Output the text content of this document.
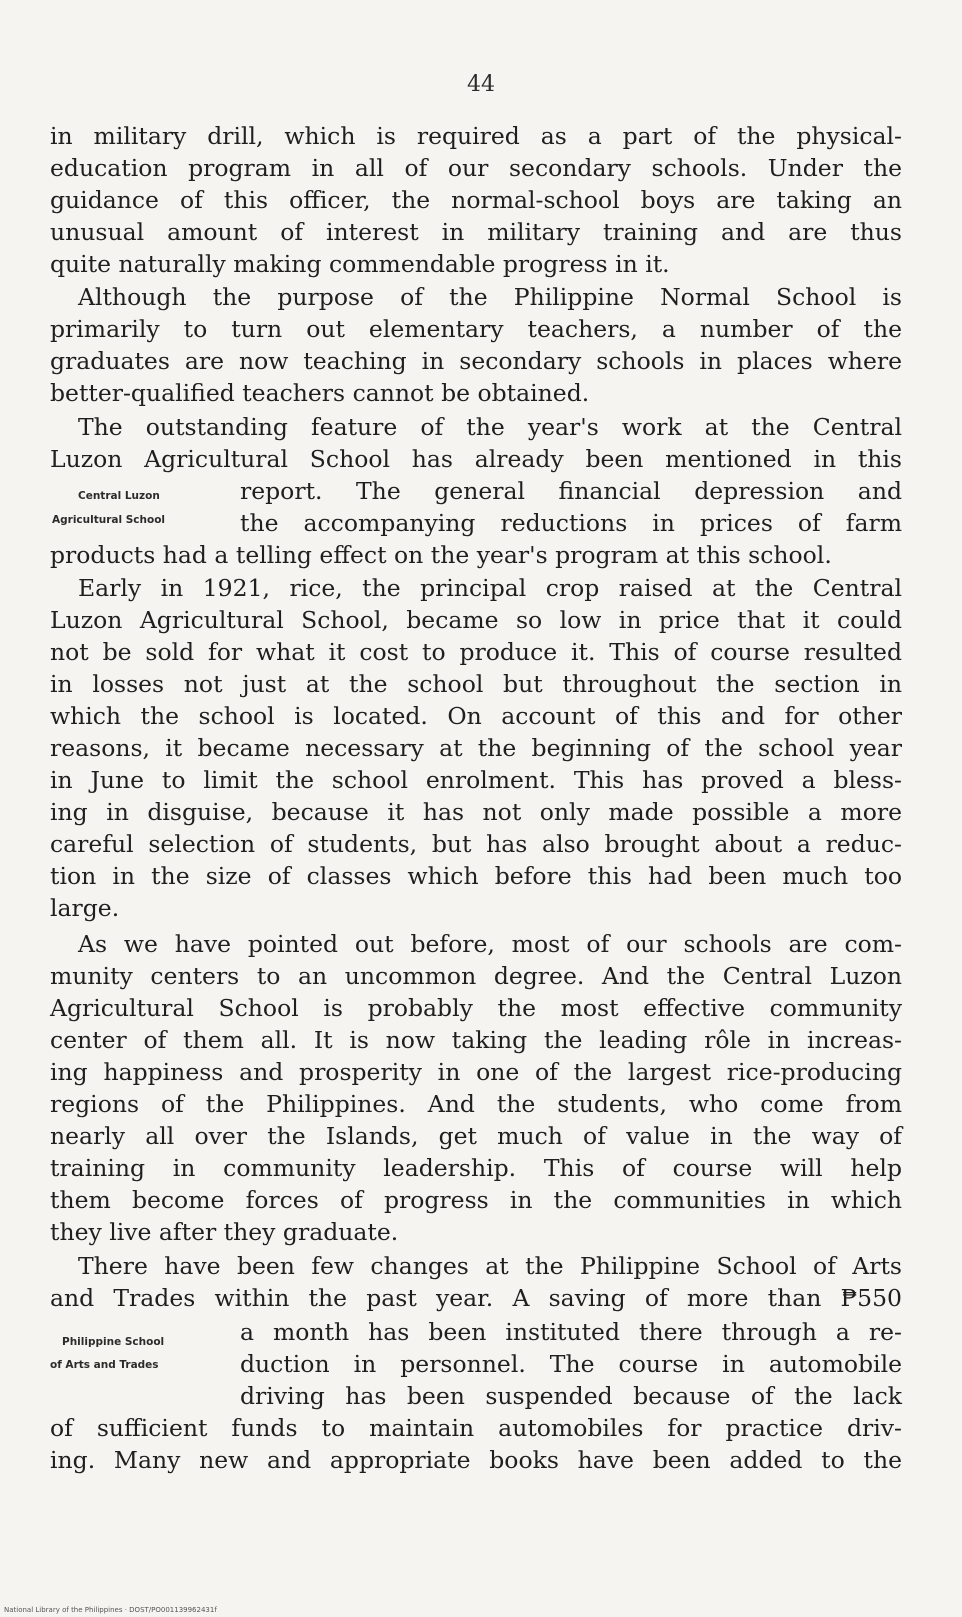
44
in military drill, which is required as a part of the physical-
education program in all of our secondary schools. Under the
guidance of this officer, the normal-school boys are taking an
unusual amount of interest in military training and are thus
quite naturally making commendable progress in it.
Although the purpose of the Philippine Normal School is
primarily to turn out elementary teachers, a number of the
graduates are now teaching in secondary schools in places where
better-qualified teachers cannot be obtained.
The outstanding feature of the year's work at the Central
Luzon Agricultural School has already been mentioned in this
report. The general financial depression and
the accompanying reductions in prices of farm
products had a telling effect on the year's program at this school.
Central Luzon
Agricultural School
Early in 1921, rice, the principal crop raised at the Central
Luzon Agricultural School, became so low in price that it could
not be sold for what it cost to produce it. This of course resulted
in losses not just at the school but throughout the section in
which the school is located. On account of this and for other
reasons, it became necessary at the beginning of the school year
in June to limit the school enrolment. This has proved a bless-
ing in disguise, because it has not only made possible a more
careful selection of students, but has also brought about a reduc-
tion in the size of classes which before this had been much too
large.
As we have pointed out before, most of our schools are com-
munity centers to an uncommon degree. And the Central Luzon
Agricultural School is probably the most effective community
center of them all. It is now taking the leading rôle in increas-
ing happiness and prosperity in one of the largest rice-producing
regions of the Philippines. And the students, who come from
nearly all over the Islands, get much of value in the way of
training in community leadership. This of course will help
them become forces of progress in the communities in which
they live after they graduate.
There have been few changes at the Philippine School of Arts
and Trades within the past year. A saving of more than ₱550
a month has been instituted there through a re-
duction in personnel. The course in automobile
driving has been suspended because of the lack
of sufficient funds to maintain automobiles for practice driv-
ing. Many new and appropriate books have been added to the
Philippine School
of Arts and Trades
National Library of the Philippines · DOST/PO001139962431f
